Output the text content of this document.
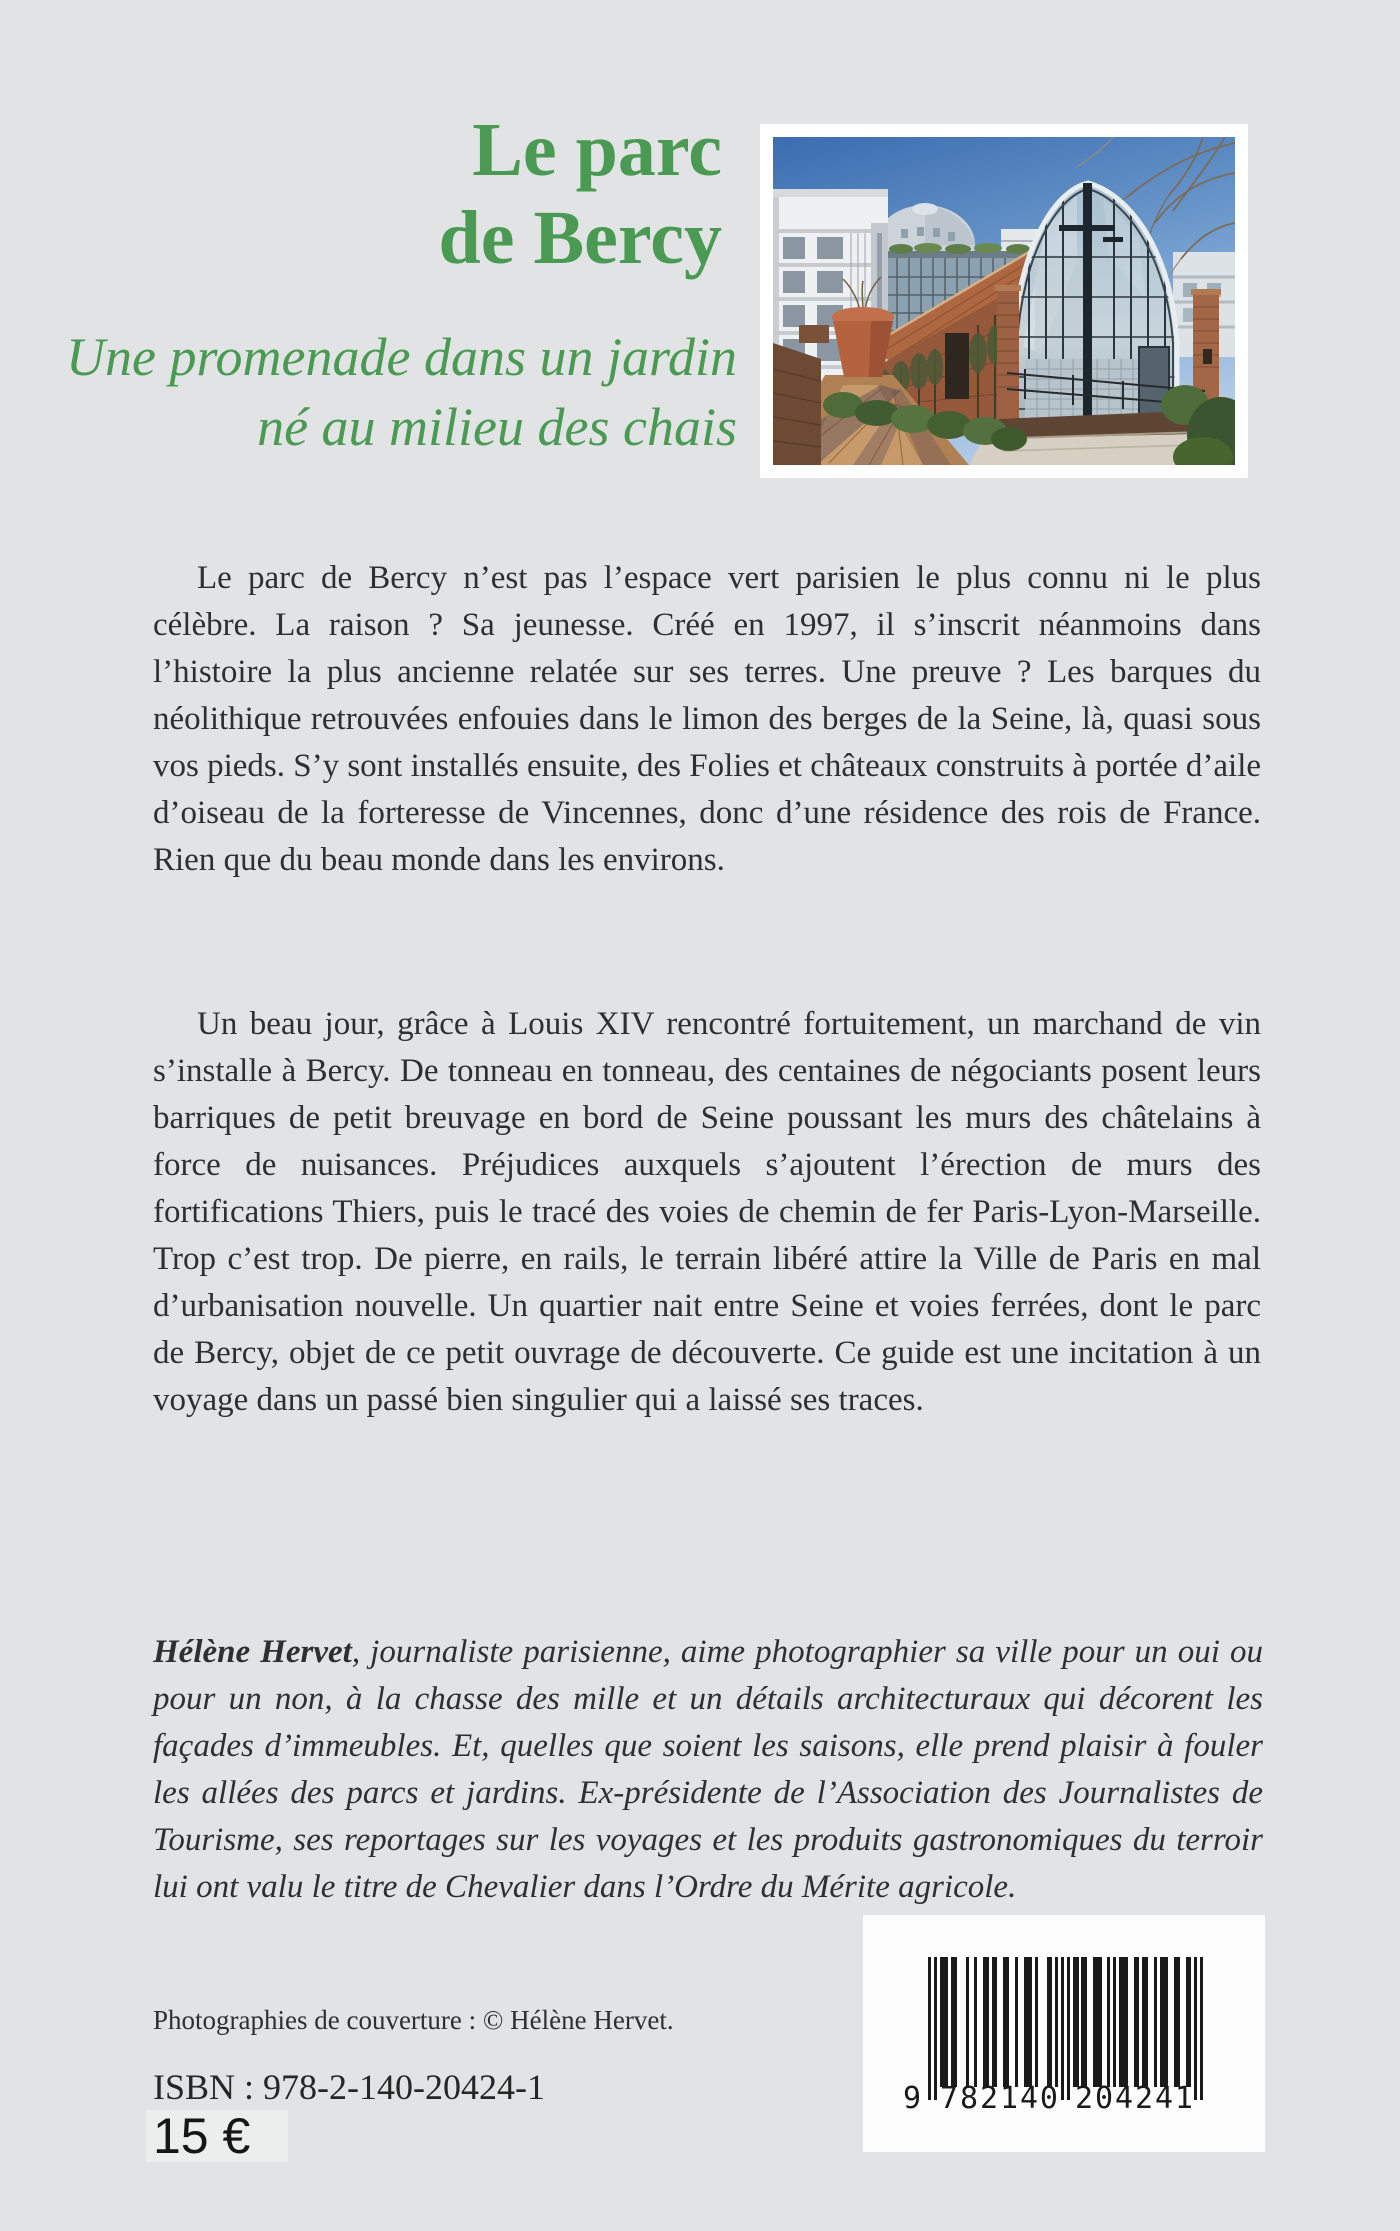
Le parc
de Bercy
Une promenade dans un jardin
né au milieu des chais

Le parc de Bercy n’est pas l’espace vert parisien le plus connu ni le plus célèbre. La raison ? Sa jeunesse. Créé en 1997, il s’inscrit néanmoins dans l’histoire la plus ancienne relatée sur ses terres. Une preuve ? Les barques du néolithique retrouvées enfouies dans le limon des berges de la Seine, là, quasi sous vos pieds. S’y sont installés ensuite, des Folies et châteaux construits à portée d’aile d’oiseau de la forteresse de Vincennes, donc d’une résidence des rois de France. Rien que du beau monde dans les environs.

Un beau jour, grâce à Louis XIV rencontré fortuitement, un marchand de vin s’installe à Bercy. De tonneau en tonneau, des centaines de négociants posent leurs barriques de petit breuvage en bord de Seine poussant les murs des châtelains à force de nuisances. Préjudices auxquels s’ajoutent l’érection de murs des fortifications Thiers, puis le tracé des voies de chemin de fer Paris-Lyon-Marseille. Trop c’est trop. De pierre, en rails, le terrain libéré attire la Ville de Paris en mal d’urbanisation nouvelle. Un quartier nait entre Seine et voies ferrées, dont le parc de Bercy, objet de ce petit ouvrage de découverte. Ce guide est une incitation à un voyage dans un passé bien singulier qui a laissé ses traces.

Hélène Hervet, journaliste parisienne, aime photographier sa ville pour un oui ou pour un non, à la chasse des mille et un détails architecturaux qui décorent les façades d’immeubles. Et, quelles que soient les saisons, elle prend plaisir à fouler les allées des parcs et jardins. Ex-présidente de l’Association des Journalistes de Tourisme, ses reportages sur les voyages et les produits gastronomiques du terroir lui ont valu le titre de Chevalier dans l’Ordre du Mérite agricole.

Photographies de couverture : © Hélène Hervet.
ISBN : 978-2-140-20424-1
15 €
9 7 8 2 1 4 0 2 0 4 2 4 1
